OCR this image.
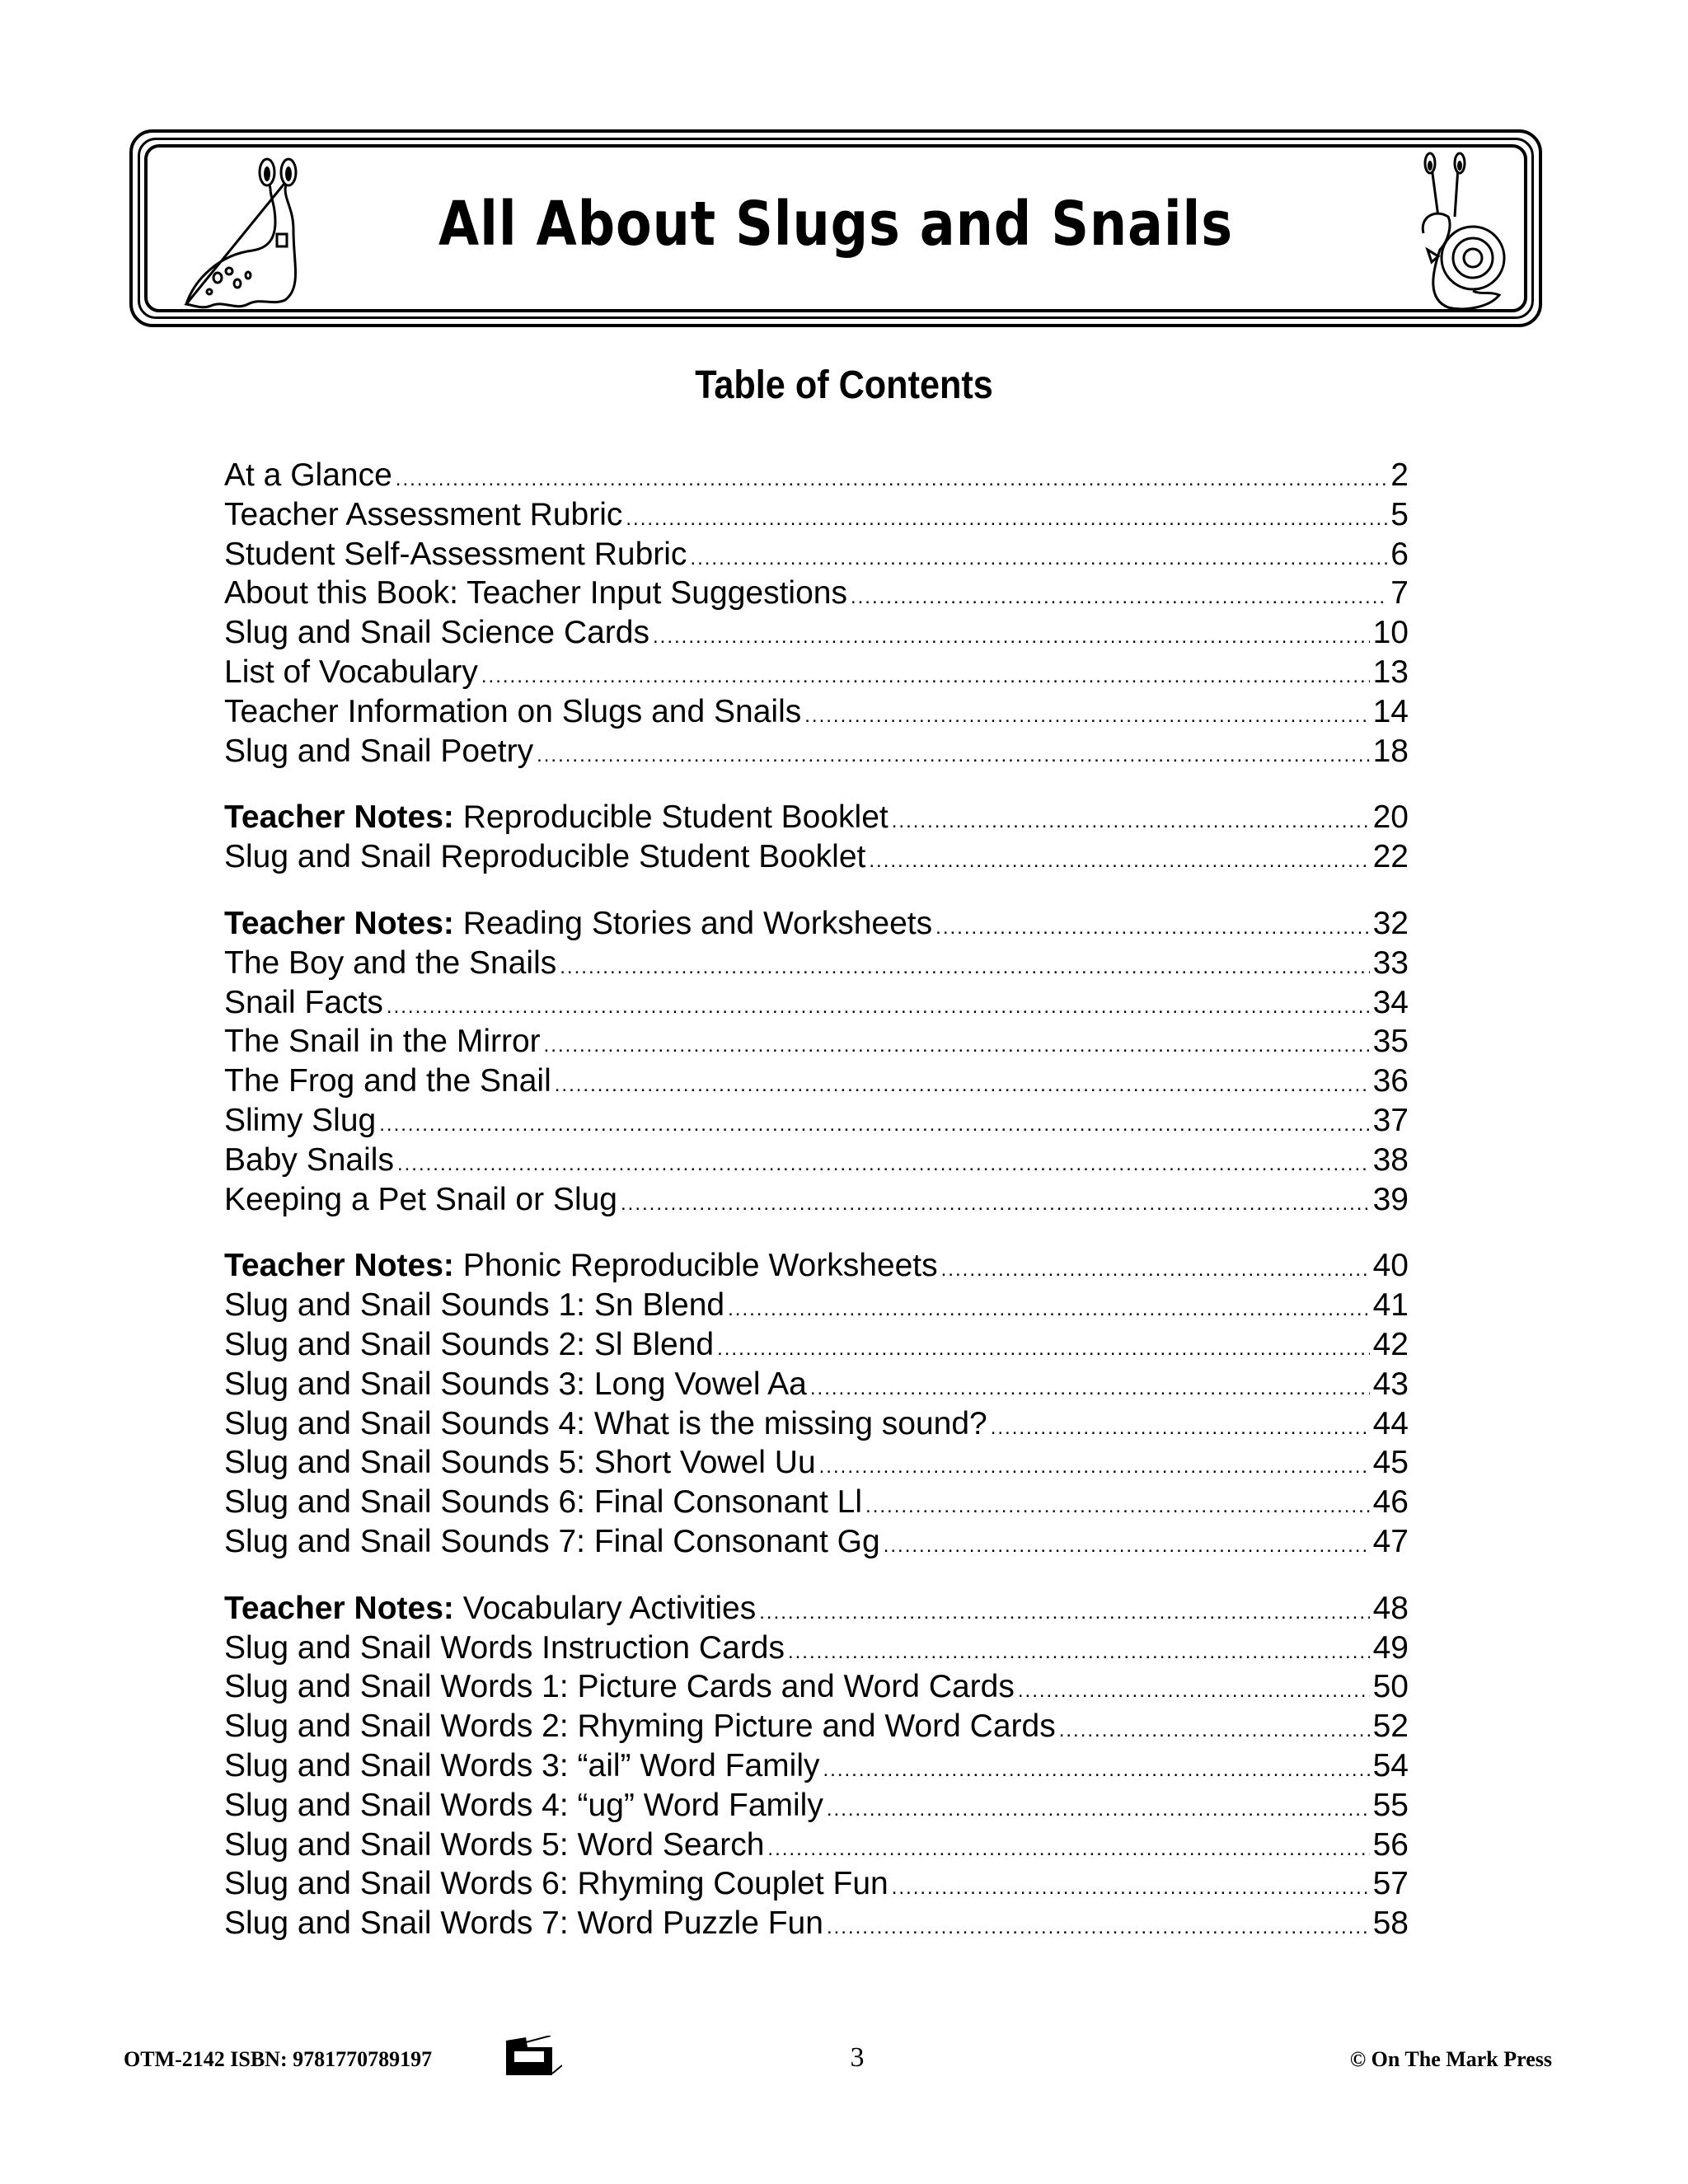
All About Slugs and Snails
Table of Contents
At a Glance .....	2
Teacher Assessment Rubric .....	5
Student Self-Assessment Rubric .....	6
About this Book: Teacher Input Suggestions .....	7
Slug and Snail Science Cards .....	10
List of Vocabulary .....	13
Teacher Information on Slugs and Snails .....	14
Slug and Snail Poetry .....	18
Teacher Notes: Reproducible Student Booklet .....	20
Slug and Snail Reproducible Student Booklet .....	22
Teacher Notes: Reading Stories and Worksheets .....	32
The Boy and the Snails .....	33
Snail Facts .....	34
The Snail in the Mirror .....	35
The Frog and the Snail .....	36
Slimy Slug .....	37
Baby Snails .....	38
Keeping a Pet Snail or Slug .....	39
Teacher Notes: Phonic Reproducible Worksheets .....	40
Slug and Snail Sounds 1: Sn Blend .....	41
Slug and Snail Sounds 2: Sl Blend .....	42
Slug and Snail Sounds 3: Long Vowel Aa .....	43
Slug and Snail Sounds 4: What is the missing sound? .....	44
Slug and Snail Sounds 5: Short Vowel Uu .....	45
Slug and Snail Sounds 6: Final Consonant Ll .....	46
Slug and Snail Sounds 7: Final Consonant Gg .....	47
Teacher Notes: Vocabulary Activities .....	48
Slug and Snail Words Instruction Cards .....	49
Slug and Snail Words 1: Picture Cards and Word Cards .....	50
Slug and Snail Words 2: Rhyming Picture and Word Cards .....	52
Slug and Snail Words 3: “ail” Word Family .....	54
Slug and Snail Words 4: “ug” Word Family .....	55
Slug and Snail Words 5: Word Search .....	56
Slug and Snail Words 6: Rhyming Couplet Fun .....	57
Slug and Snail Words 7: Word Puzzle Fun .....	58
OTM-2142 ISBN: 9781770789197	3	© On The Mark Press
